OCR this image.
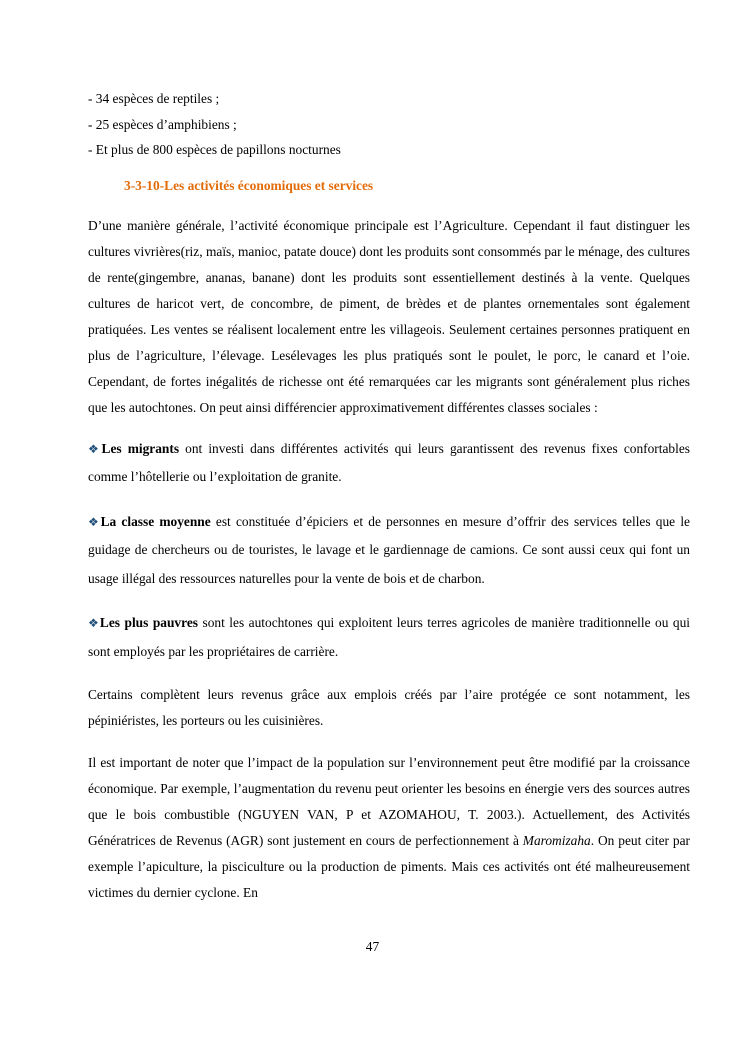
- 34 espèces de reptiles ;

- 25 espèces d’amphibiens ;

- Et plus de 800 espèces de papillons nocturnes

3-3-10-Les activités économiques et services

D’une manière générale, l’activité économique principale est l’Agriculture. Cependant il faut distinguer les cultures vivrières(riz, maïs, manioc, patate douce) dont les produits sont consommés par le ménage, des cultures de rente(gingembre, ananas, banane) dont les produits sont essentiellement destinés à la vente. Quelques cultures de haricot vert, de concombre, de piment, de brèdes et de plantes ornementales sont également pratiquées. Les ventes se réalisent localement entre les villageois. Seulement certaines personnes pratiquent en plus de l’agriculture, l’élevage. Lesélevages les plus pratiqués sont le poulet, le porc, le canard et l’oie. Cependant, de fortes inégalités de richesse ont été remarquées car les migrants sont généralement plus riches que les autochtones. On peut ainsi différencier approximativement différentes classes sociales :

❖Les migrants ont investi dans différentes activités qui leurs garantissent des revenus fixes confortables comme l’hôtellerie ou l’exploitation de granite.

❖La classe moyenne est constituée d’épiciers et de personnes en mesure d’offrir des services telles que le guidage de chercheurs ou de touristes, le lavage et le gardiennage de camions. Ce sont aussi ceux qui font un usage illégal des ressources naturelles pour la vente de bois et de charbon.

❖Les plus pauvres sont les autochtones qui exploitent leurs terres agricoles de manière traditionnelle ou qui sont employés par les propriétaires de carrière.

Certains complètent leurs revenus grâce aux emplois créés par l’aire protégée ce sont notamment, les pépiniéristes, les porteurs ou les cuisinières.

Il est important de noter que l’impact de la population sur l’environnement peut être modifié par la croissance économique. Par exemple, l’augmentation du revenu peut orienter les besoins en énergie vers des sources autres que le bois combustible (NGUYEN VAN, P et AZOMAHOU, T. 2003.). Actuellement, des Activités Génératrices de Revenus (AGR) sont justement en cours de perfectionnement à Maromizaha. On peut citer par exemple l’apiculture, la pisciculture ou la production de piments. Mais ces activités ont été malheureusement victimes du dernier cyclone. En

47
